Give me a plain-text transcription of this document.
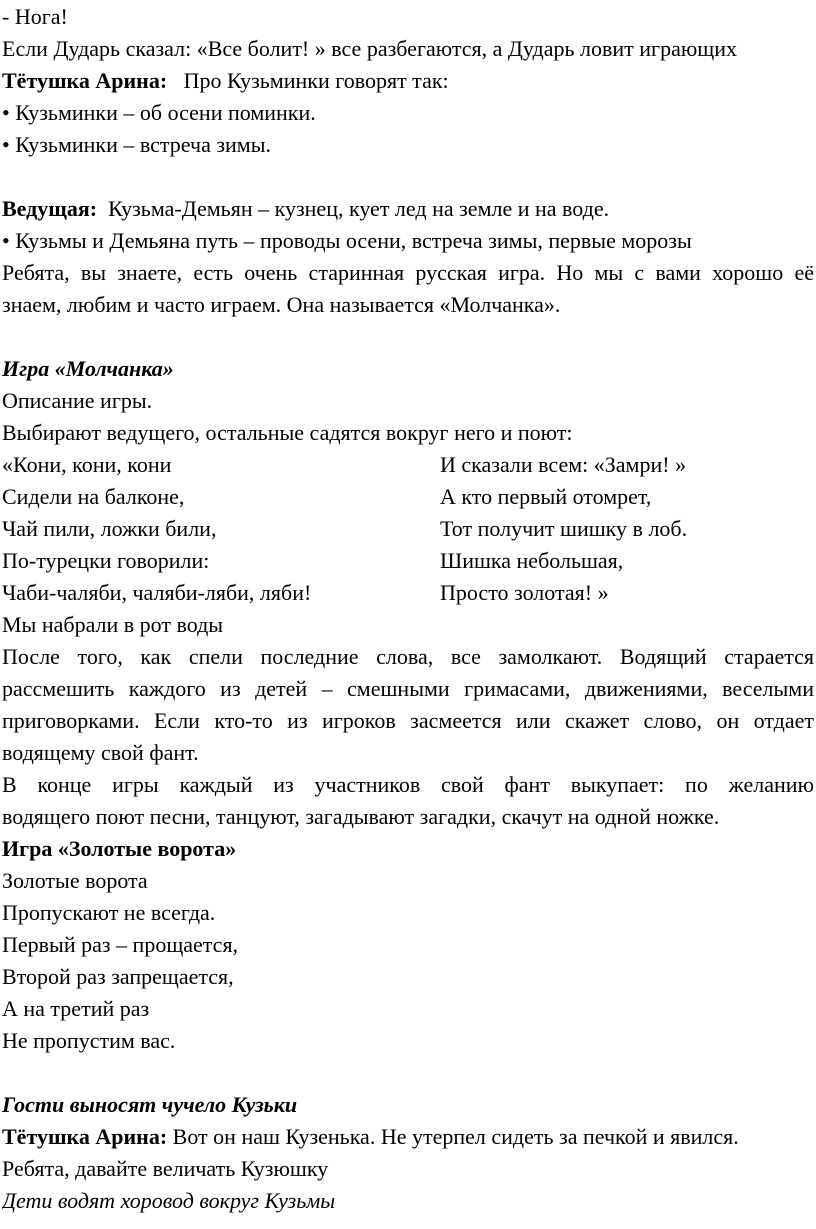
- Нога!
Если Дударь сказал: «Все болит! » все разбегаются, а Дударь ловит играющих
Тётушка Арина: Про Кузьминки говорят так:
• Кузьминки – об осени поминки.
• Кузьминки – встреча зимы.
Ведущая: Кузьма-Демьян – кузнец, кует лед на земле и на воде.
• Кузьмы и Демьяна путь – проводы осени, встреча зимы, первые морозы
Ребята, вы знаете, есть очень старинная русская игра. Но мы с вами хорошо её
знаем, любим и часто играем. Она называется «Молчанка».
Игра «Молчанка»
Описание игры.
Выбирают ведущего, остальные садятся вокруг него и поют:
«Кони, кони, кони	И сказали всем: «Замри! »
Сидели на балконе,	А кто первый отомрет,
Чай пили, ложки били,	Тот получит шишку в лоб.
По-турецки говорили:	Шишка небольшая,
Чаби-чаляби, чаляби-ляби, ляби!	Просто золотая! »
Мы набрали в рот воды
После того, как спели последние слова, все замолкают. Водящий старается
рассмешить каждого из детей – смешными гримасами, движениями, веселыми
приговорками. Если кто-то из игроков засмеется или скажет слово, он отдает
водящему свой фант.
В конце игры каждый из участников свой фант выкупает: по желанию
водящего поют песни, танцуют, загадывают загадки, скачут на одной ножке.
Игра «Золотые ворота»
Золотые ворота
Пропускают не всегда.
Первый раз – прощается,
Второй раз запрещается,
А на третий раз
Не пропустим вас.
Гости выносят чучело Кузьки
Тётушка Арина: Вот он наш Кузенька. Не утерпел сидеть за печкой и явился.
Ребята, давайте величать Кузюшку
Дети водят хоровод вокруг Кузьмы
